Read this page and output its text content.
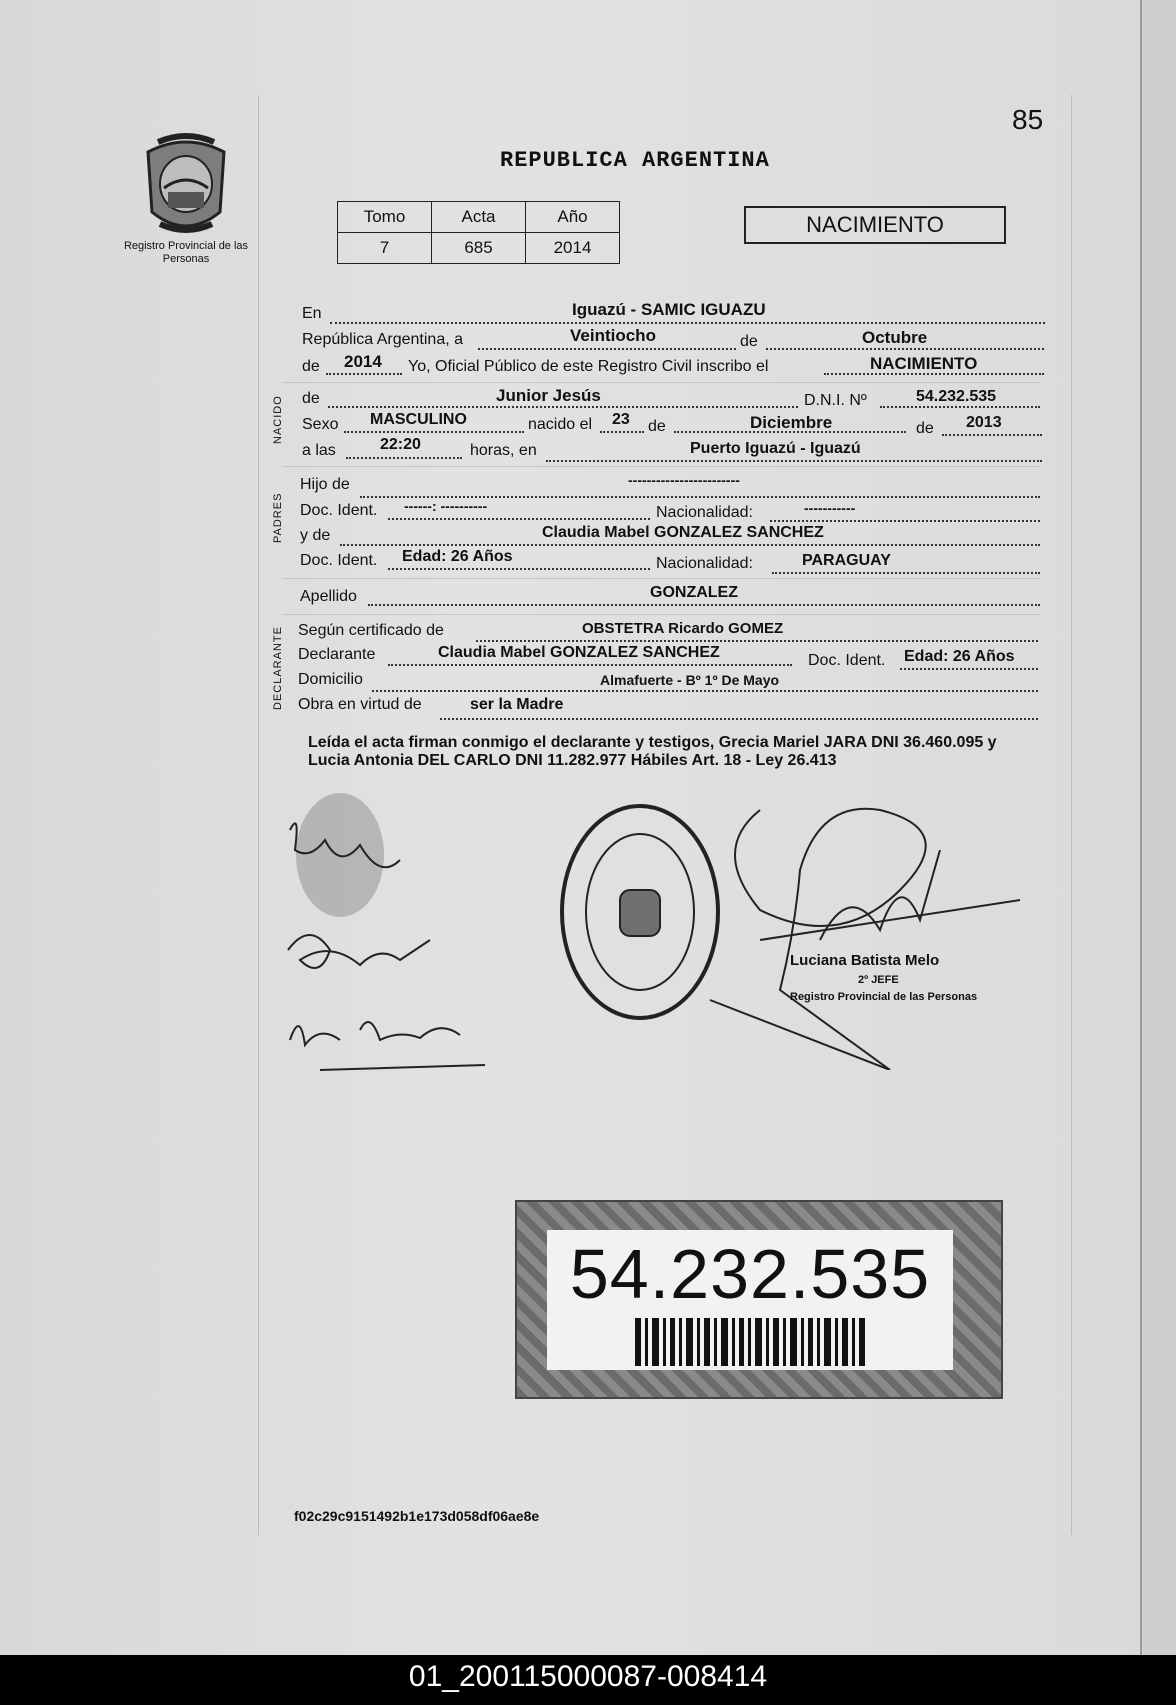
Registro Provincial de las Personas
85
REPUBLICA ARGENTINA
Tomo	Acta	Año
7	685	2014
NACIMIENTO
NACIDO
PADRES
DECLARANTE
En	Iguazú - SAMIC IGUAZU
República Argentina, a	Veintiocho	de	Octubre
de 2014 Yo, Oficial Público de este Registro Civil inscribo el	NACIMIENTO
de	Junior Jesús	D.N.I. Nº	54.232.535
Sexo MASCULINO	nacido el 23 de	Diciembre	de 2013
a las	22:20	horas, en	Puerto Iguazú - Iguazú
Hijo de	------------------------
Doc. Ident. ------: ----------	Nacionalidad:	-----------
y de	Claudia Mabel GONZALEZ SANCHEZ
Doc. Ident. Edad: 26 Años	Nacionalidad:	PARAGUAY
Apellido	GONZALEZ
Según certificado de	OBSTETRA Ricardo GOMEZ
Declarante	Claudia Mabel GONZALEZ SANCHEZ	Doc. Ident. Edad: 26 Años
Domicilio	Almafuerte - Bº 1º De Mayo
Obra en virtud de	ser la Madre
Leída el acta firman conmigo el declarante y testigos, Grecia Mariel JARA DNI 36.460.095 y Lucia Antonia DEL CARLO DNI 11.282.977 Hábiles Art. 18 - Ley 26.413
Luciana Batista Melo
2º JEFE
Registro Provincial de las Personas
54.232.535
f02c29c9151492b1e173d058df06ae8e
01_200115000087-008414
